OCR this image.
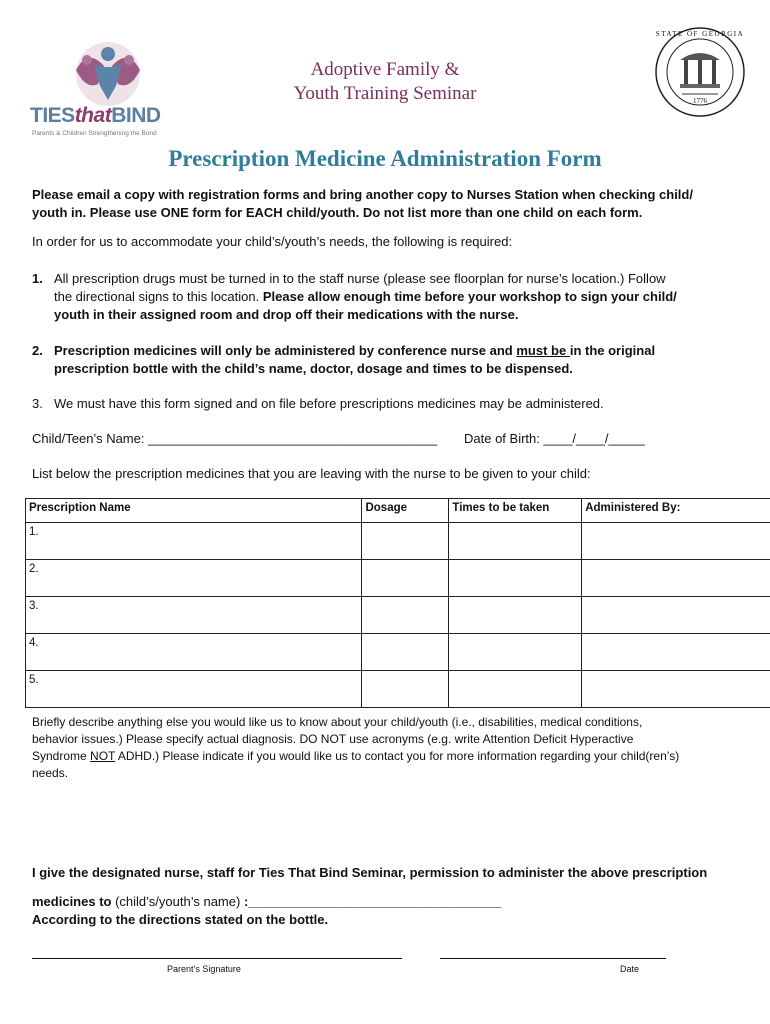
TIESthatBIND
Parents & Children Strengthening the Bond
STATE OF GEORGIA
1776
Adoptive Family &
Youth Training Seminar
Prescription Medicine Administration Form
Please email a copy with registration forms and bring another copy to Nurses Station when checking child/
youth in. Please use ONE form for EACH child/youth. Do not list more than one child on each form.
In order for us to accommodate your child’s/youth’s needs, the following is required:
1. All prescription drugs must be turned in to the staff nurse (please see floorplan for nurse’s location.) Follow
the directional signs to this location. Please allow enough time before your workshop to sign your child/
youth in their assigned room and drop off their medications with the nurse.
2. Prescription medicines will only be administered by conference nurse and must be in the original
prescription bottle with the child’s name, doctor, dosage and times to be dispensed.
3. We must have this form signed and on file before prescriptions medicines may be administered.
Child/Teen’s Name: ________________________________________ Date of Birth: ____/____/_____
List below the prescription medicines that you are leaving with the nurse to be given to your child:
Prescription Name	Dosage	Times to be taken	Administered By:
1.			
2.			
3.			
4.			
5.			
Briefly describe anything else you would like us to know about your child/youth (i.e., disabilities, medical conditions,
behavior issues.) Please specify actual diagnosis. DO NOT use acronyms (e.g. write Attention Deficit Hyperactive
Syndrome NOT ADHD.) Please indicate if you would like us to contact you for more information regarding your child(ren’s)
needs.
I give the designated nurse, staff for Ties That Bind Seminar, permission to administer the above prescription
medicines to (child’s/youth’s name) :___________________________________
According to the directions stated on the bottle.
Parent’s Signature	Date
